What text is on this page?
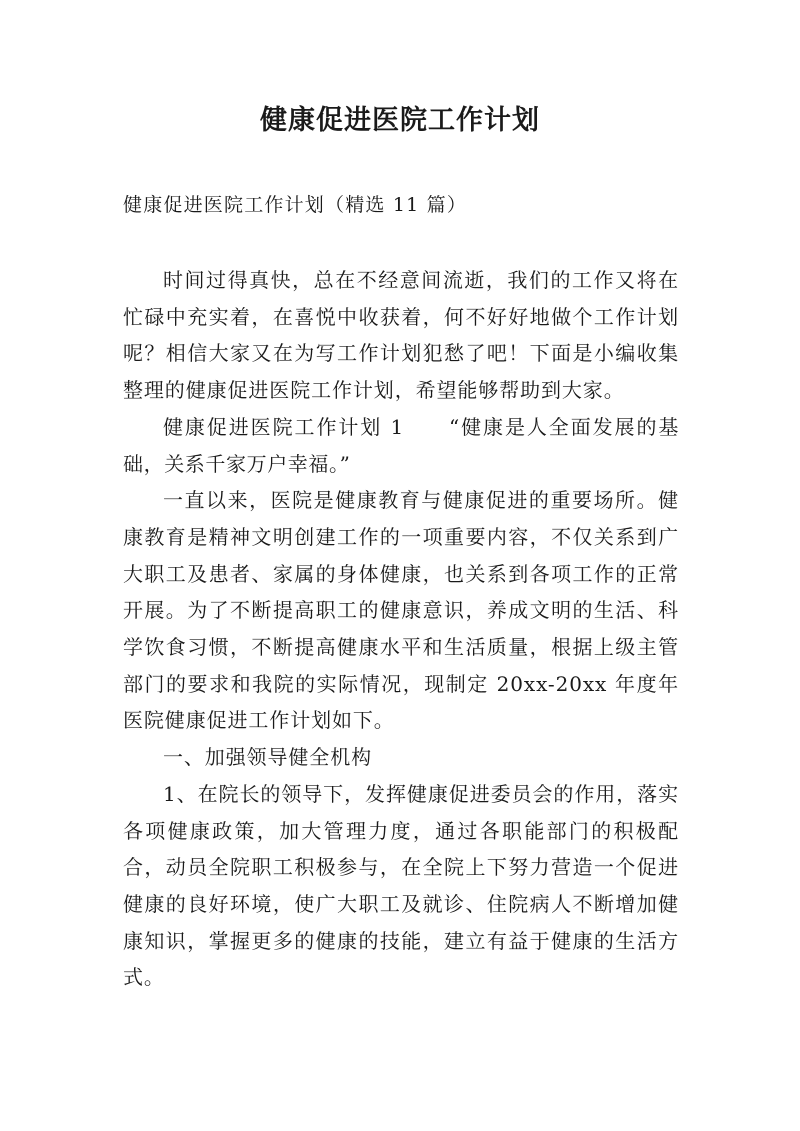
健康促进医院工作计划

健康促进医院工作计划（精选 11 篇）

时间过得真快，总在不经意间流逝，我们的工作又将在忙碌中充实着，在喜悦中收获着，何不好好地做个工作计划呢？相信大家又在为写工作计划犯愁了吧！下面是小编收集整理的健康促进医院工作计划，希望能够帮助到大家。

健康促进医院工作计划 1　　“健康是人全面发展的基础，关系千家万户幸福。”

一直以来，医院是健康教育与健康促进的重要场所。健康教育是精神文明创建工作的一项重要内容，不仅关系到广大职工及患者、家属的身体健康，也关系到各项工作的正常开展。为了不断提高职工的健康意识，养成文明的生活、科学饮食习惯，不断提高健康水平和生活质量，根据上级主管部门的要求和我院的实际情况，现制定 20xx-20xx 年度年医院健康促进工作计划如下。

一、加强领导健全机构

1、在院长的领导下，发挥健康促进委员会的作用，落实各项健康政策，加大管理力度，通过各职能部门的积极配合，动员全院职工积极参与，在全院上下努力营造一个促进健康的良好环境，使广大职工及就诊、住院病人不断增加健康知识，掌握更多的健康的技能，建立有益于健康的生活方式。
